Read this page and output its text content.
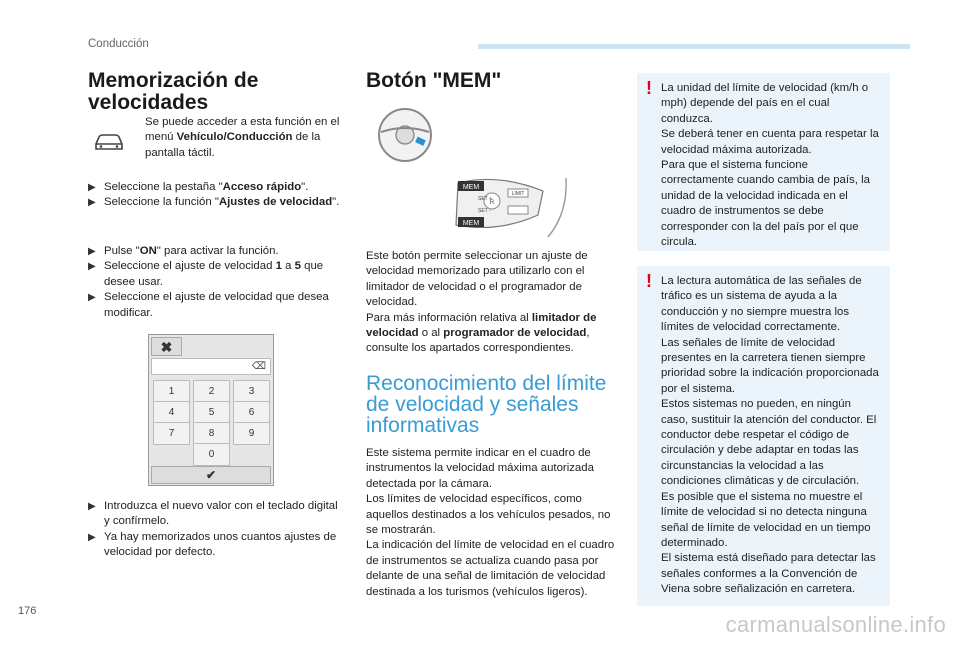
Conducción
Memorización de
velocidades
Se puede acceder a esta función en el menú Vehículo/Conducción de la pantalla táctil.
▶ Seleccione la pestaña "Acceso rápido".
▶ Seleccione la función "Ajustes de velocidad".
▶ Pulse "ON" para activar la función.
▶ Seleccione el ajuste de velocidad 1 a 5 que desee usar.
▶ Seleccione el ajuste de velocidad que desea modificar.
✖
⌫
1	2	3
4	5	6
7	8	9
0
✔
▶ Introduzca el nuevo valor con el teclado digital y confírmelo.
▶ Ya hay memorizados unos cuantos ajustes de velocidad por defecto.
176
Botón "MEM"
MEM
MEM
SET +
SET -
R
LIMIT

Este botón permite seleccionar un ajuste de velocidad memorizado para utilizarlo con el limitador de velocidad o el programador de velocidad.

Para más información relativa al limitador de velocidad o al programador de velocidad, consulte los apartados correspondientes.

Reconocimiento del límite
de velocidad y señales
informativas

Este sistema permite indicar en el cuadro de instrumentos la velocidad máxima autorizada detectada por la cámara.

Los límites de velocidad específicos, como aquellos destinados a los vehículos pesados, no se mostrarán.

La indicación del límite de velocidad en el cuadro de instrumentos se actualiza cuando pasa por delante de una señal de limitación de velocidad destinada a los turismos (vehículos ligeros).

! La unidad del límite de velocidad (km/h o mph) depende del país en el cual conduzca.

Se deberá tener en cuenta para respetar la velocidad máxima autorizada.

Para que el sistema funcione correctamente cuando cambia de país, la unidad de la velocidad indicada en el cuadro de instrumentos se debe corresponder con la del país por el que circula.

! La lectura automática de las señales de tráfico es un sistema de ayuda a la conducción y no siempre muestra los límites de velocidad correctamente.

Las señales de límite de velocidad presentes en la carretera tienen siempre prioridad sobre la indicación proporcionada por el sistema.

Estos sistemas no pueden, en ningún caso, sustituir la atención del conductor. El conductor debe respetar el código de circulación y debe adaptar en todas las circunstancias la velocidad a las condiciones climáticas y de circulación.

Es posible que el sistema no muestre el límite de velocidad si no detecta ninguna señal de límite de velocidad en un tiempo determinado.

El sistema está diseñado para detectar las señales conformes a la Convención de Viena sobre señalización en carretera.

carmanualsonline.info
